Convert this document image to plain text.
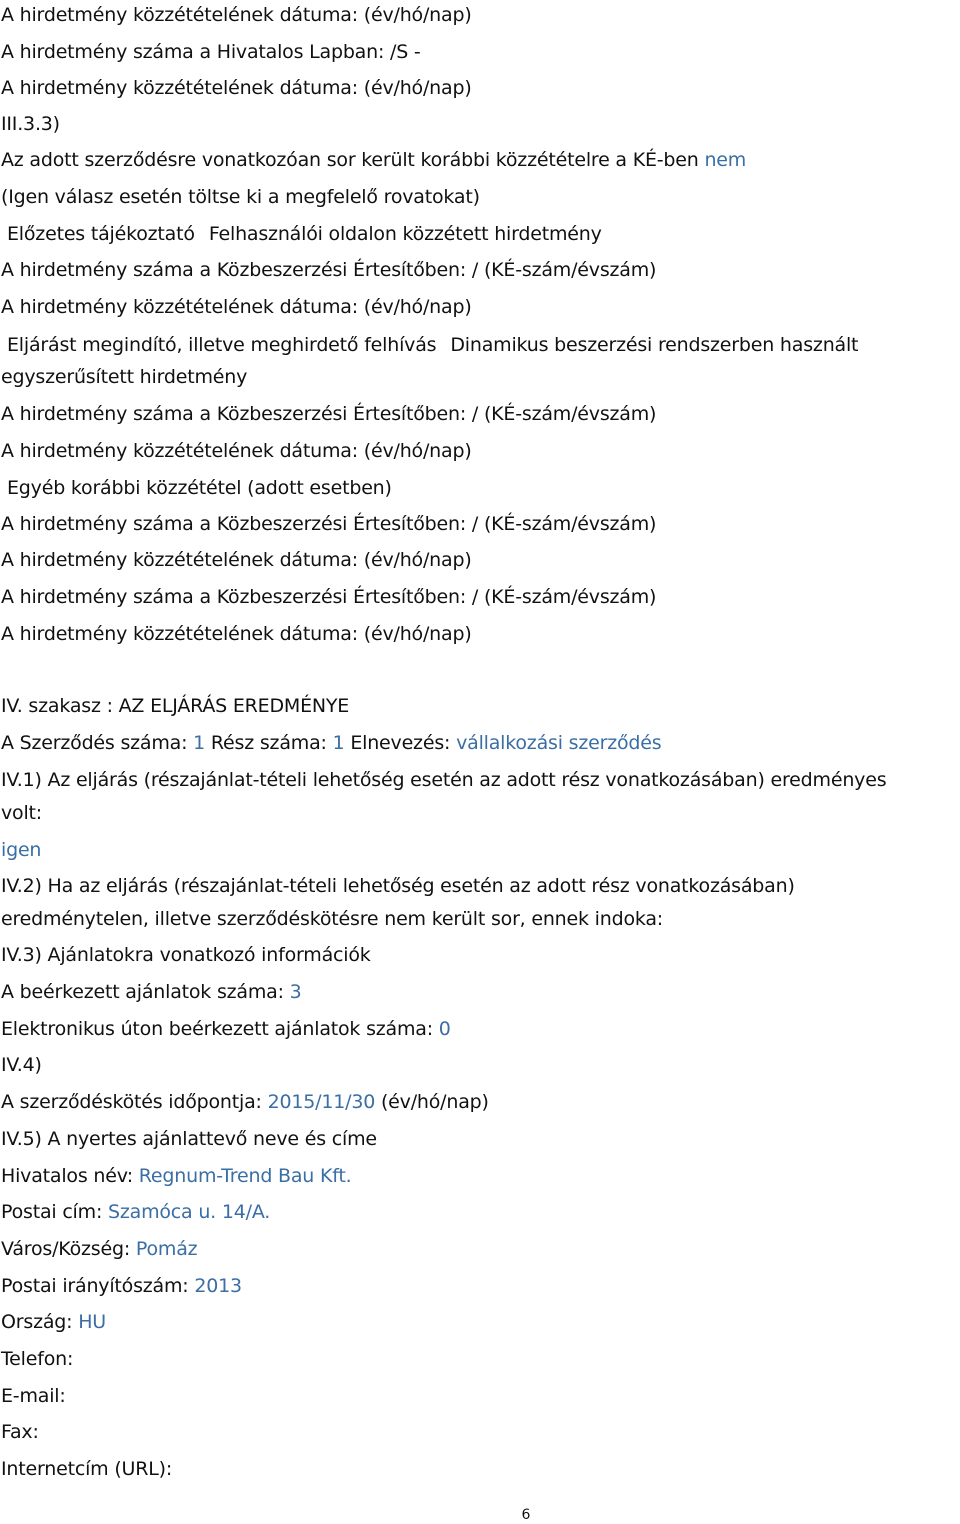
A hirdetmény közzétételének dátuma: (év/hó/nap)
A hirdetmény száma a Hivatalos Lapban: /S -
A hirdetmény közzétételének dátuma: (év/hó/nap)
III.3.3)
Az adott szerződésre vonatkozóan sor került korábbi közzétételre a KÉ-ben nem
(Igen válasz esetén töltse ki a megfelelő rovatokat)
Előzetes tájékoztató Felhasználói oldalon közzétett hirdetmény
A hirdetmény száma a Közbeszerzési Értesítőben: / (KÉ-szám/évszám)
A hirdetmény közzétételének dátuma: (év/hó/nap)
Eljárást megindító, illetve meghirdető felhívás Dinamikus beszerzési rendszerben használt
egyszerűsített hirdetmény
A hirdetmény száma a Közbeszerzési Értesítőben: / (KÉ-szám/évszám)
A hirdetmény közzétételének dátuma: (év/hó/nap)
Egyéb korábbi közzététel (adott esetben)
A hirdetmény száma a Közbeszerzési Értesítőben: / (KÉ-szám/évszám)
A hirdetmény közzétételének dátuma: (év/hó/nap)
A hirdetmény száma a Közbeszerzési Értesítőben: / (KÉ-szám/évszám)
A hirdetmény közzétételének dátuma: (év/hó/nap)
IV. szakasz : AZ ELJÁRÁS EREDMÉNYE
A Szerződés száma: 1 Rész száma: 1 Elnevezés: vállalkozási szerződés
IV.1) Az eljárás (részajánlat-tételi lehetőség esetén az adott rész vonatkozásában) eredményes
volt:
igen
IV.2) Ha az eljárás (részajánlat-tételi lehetőség esetén az adott rész vonatkozásában)
eredménytelen, illetve szerződéskötésre nem került sor, ennek indoka:
IV.3) Ajánlatokra vonatkozó információk
A beérkezett ajánlatok száma: 3
Elektronikus úton beérkezett ajánlatok száma: 0
IV.4)
A szerződéskötés időpontja: 2015/11/30 (év/hó/nap)
IV.5) A nyertes ajánlattevő neve és címe
Hivatalos név: Regnum-Trend Bau Kft.
Postai cím: Szamóca u. 14/A.
Város/Község: Pomáz
Postai irányítószám: 2013
Ország: HU
Telefon:
E-mail:
Fax:
Internetcím (URL):
6
